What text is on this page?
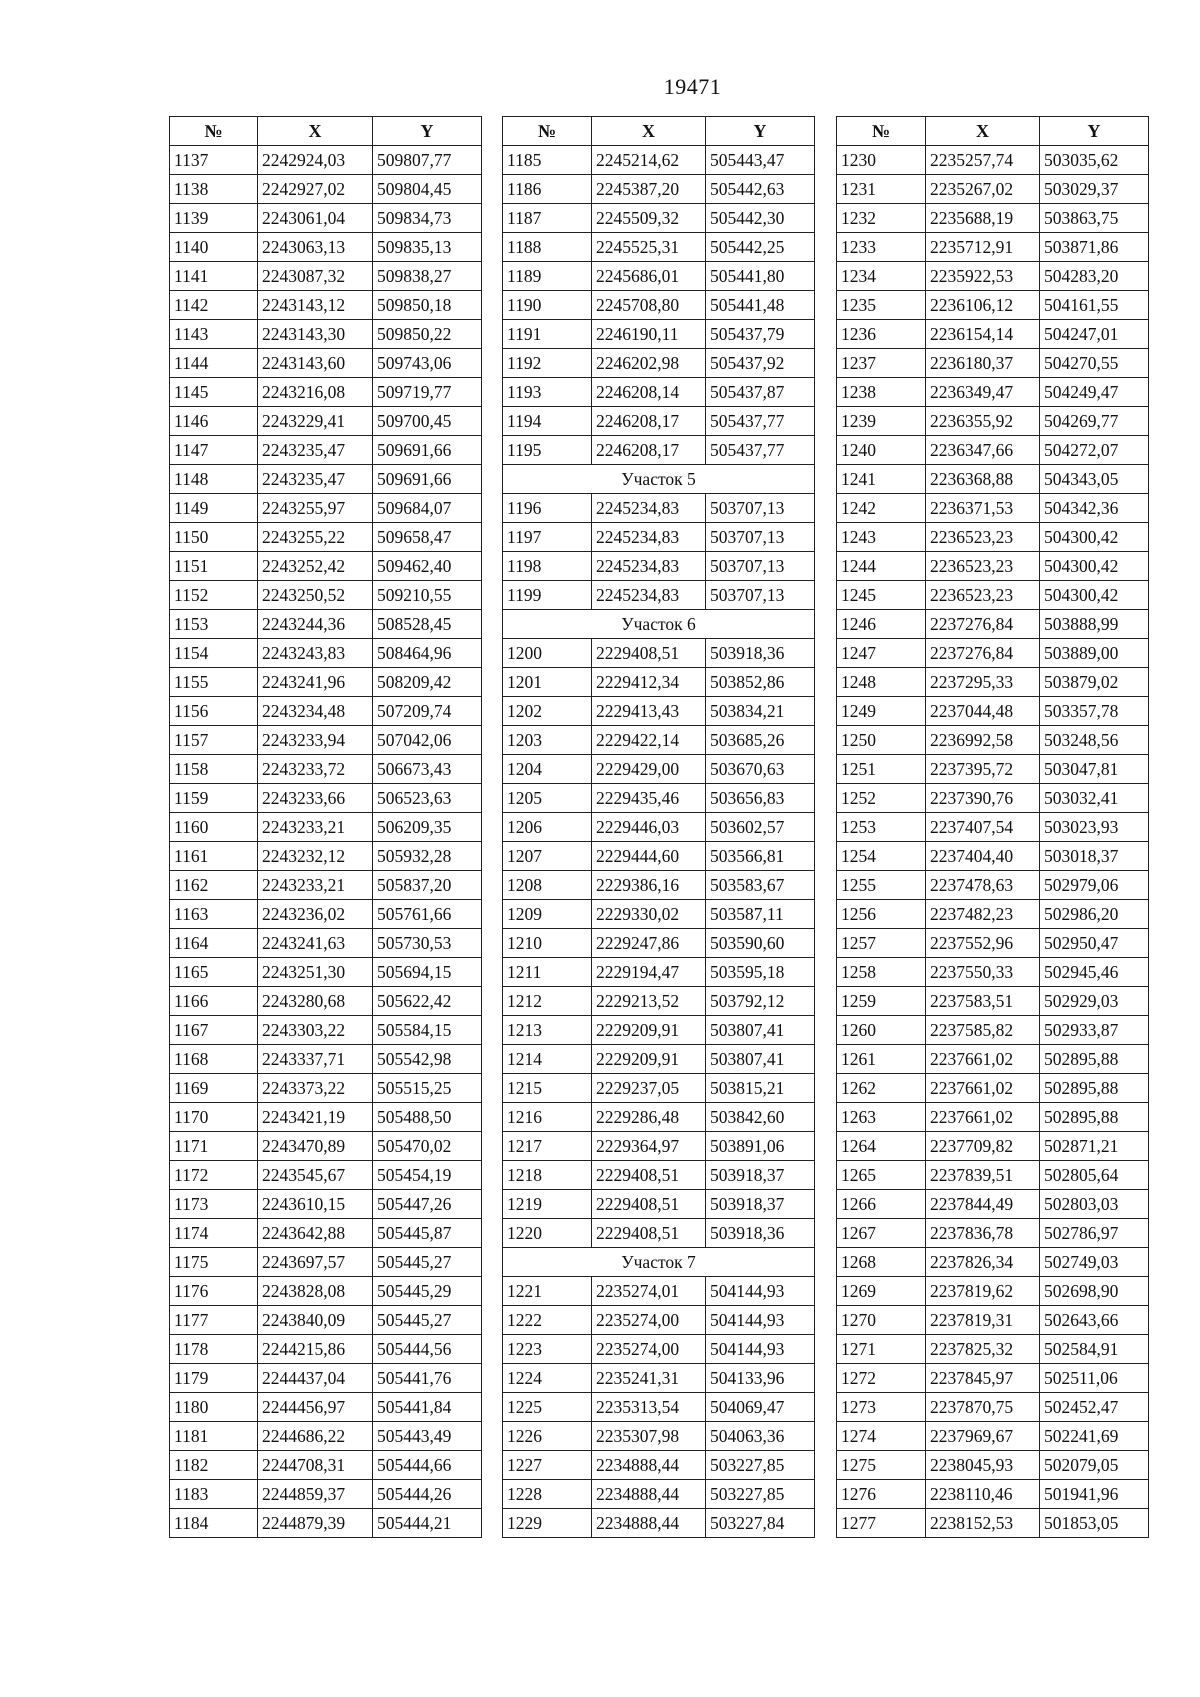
19471
№	X	Y
1137	2242924,03	509807,77
1138	2242927,02	509804,45
1139	2243061,04	509834,73
1140	2243063,13	509835,13
1141	2243087,32	509838,27
1142	2243143,12	509850,18
1143	2243143,30	509850,22
1144	2243143,60	509743,06
1145	2243216,08	509719,77
1146	2243229,41	509700,45
1147	2243235,47	509691,66
1148	2243235,47	509691,66
1149	2243255,97	509684,07
1150	2243255,22	509658,47
1151	2243252,42	509462,40
1152	2243250,52	509210,55
1153	2243244,36	508528,45
1154	2243243,83	508464,96
1155	2243241,96	508209,42
1156	2243234,48	507209,74
1157	2243233,94	507042,06
1158	2243233,72	506673,43
1159	2243233,66	506523,63
1160	2243233,21	506209,35
1161	2243232,12	505932,28
1162	2243233,21	505837,20
1163	2243236,02	505761,66
1164	2243241,63	505730,53
1165	2243251,30	505694,15
1166	2243280,68	505622,42
1167	2243303,22	505584,15
1168	2243337,71	505542,98
1169	2243373,22	505515,25
1170	2243421,19	505488,50
1171	2243470,89	505470,02
1172	2243545,67	505454,19
1173	2243610,15	505447,26
1174	2243642,88	505445,87
1175	2243697,57	505445,27
1176	2243828,08	505445,29
1177	2243840,09	505445,27
1178	2244215,86	505444,56
1179	2244437,04	505441,76
1180	2244456,97	505441,84
1181	2244686,22	505443,49
1182	2244708,31	505444,66
1183	2244859,37	505444,26
1184	2244879,39	505444,21
№	X	Y
1185	2245214,62	505443,47
1186	2245387,20	505442,63
1187	2245509,32	505442,30
1188	2245525,31	505442,25
1189	2245686,01	505441,80
1190	2245708,80	505441,48
1191	2246190,11	505437,79
1192	2246202,98	505437,92
1193	2246208,14	505437,87
1194	2246208,17	505437,77
1195	2246208,17	505437,77
Участок 5		
1196	2245234,83	503707,13
1197	2245234,83	503707,13
1198	2245234,83	503707,13
1199	2245234,83	503707,13
Участок 6		
1200	2229408,51	503918,36
1201	2229412,34	503852,86
1202	2229413,43	503834,21
1203	2229422,14	503685,26
1204	2229429,00	503670,63
1205	2229435,46	503656,83
1206	2229446,03	503602,57
1207	2229444,60	503566,81
1208	2229386,16	503583,67
1209	2229330,02	503587,11
1210	2229247,86	503590,60
1211	2229194,47	503595,18
1212	2229213,52	503792,12
1213	2229209,91	503807,41
1214	2229209,91	503807,41
1215	2229237,05	503815,21
1216	2229286,48	503842,60
1217	2229364,97	503891,06
1218	2229408,51	503918,37
1219	2229408,51	503918,37
1220	2229408,51	503918,36
Участок 7		
1221	2235274,01	504144,93
1222	2235274,00	504144,93
1223	2235274,00	504144,93
1224	2235241,31	504133,96
1225	2235313,54	504069,47
1226	2235307,98	504063,36
1227	2234888,44	503227,85
1228	2234888,44	503227,85
1229	2234888,44	503227,84
№	X	Y
1230	2235257,74	503035,62
1231	2235267,02	503029,37
1232	2235688,19	503863,75
1233	2235712,91	503871,86
1234	2235922,53	504283,20
1235	2236106,12	504161,55
1236	2236154,14	504247,01
1237	2236180,37	504270,55
1238	2236349,47	504249,47
1239	2236355,92	504269,77
1240	2236347,66	504272,07
1241	2236368,88	504343,05
1242	2236371,53	504342,36
1243	2236523,23	504300,42
1244	2236523,23	504300,42
1245	2236523,23	504300,42
1246	2237276,84	503888,99
1247	2237276,84	503889,00
1248	2237295,33	503879,02
1249	2237044,48	503357,78
1250	2236992,58	503248,56
1251	2237395,72	503047,81
1252	2237390,76	503032,41
1253	2237407,54	503023,93
1254	2237404,40	503018,37
1255	2237478,63	502979,06
1256	2237482,23	502986,20
1257	2237552,96	502950,47
1258	2237550,33	502945,46
1259	2237583,51	502929,03
1260	2237585,82	502933,87
1261	2237661,02	502895,88
1262	2237661,02	502895,88
1263	2237661,02	502895,88
1264	2237709,82	502871,21
1265	2237839,51	502805,64
1266	2237844,49	502803,03
1267	2237836,78	502786,97
1268	2237826,34	502749,03
1269	2237819,62	502698,90
1270	2237819,31	502643,66
1271	2237825,32	502584,91
1272	2237845,97	502511,06
1273	2237870,75	502452,47
1274	2237969,67	502241,69
1275	2238045,93	502079,05
1276	2238110,46	501941,96
1277	2238152,53	501853,05
